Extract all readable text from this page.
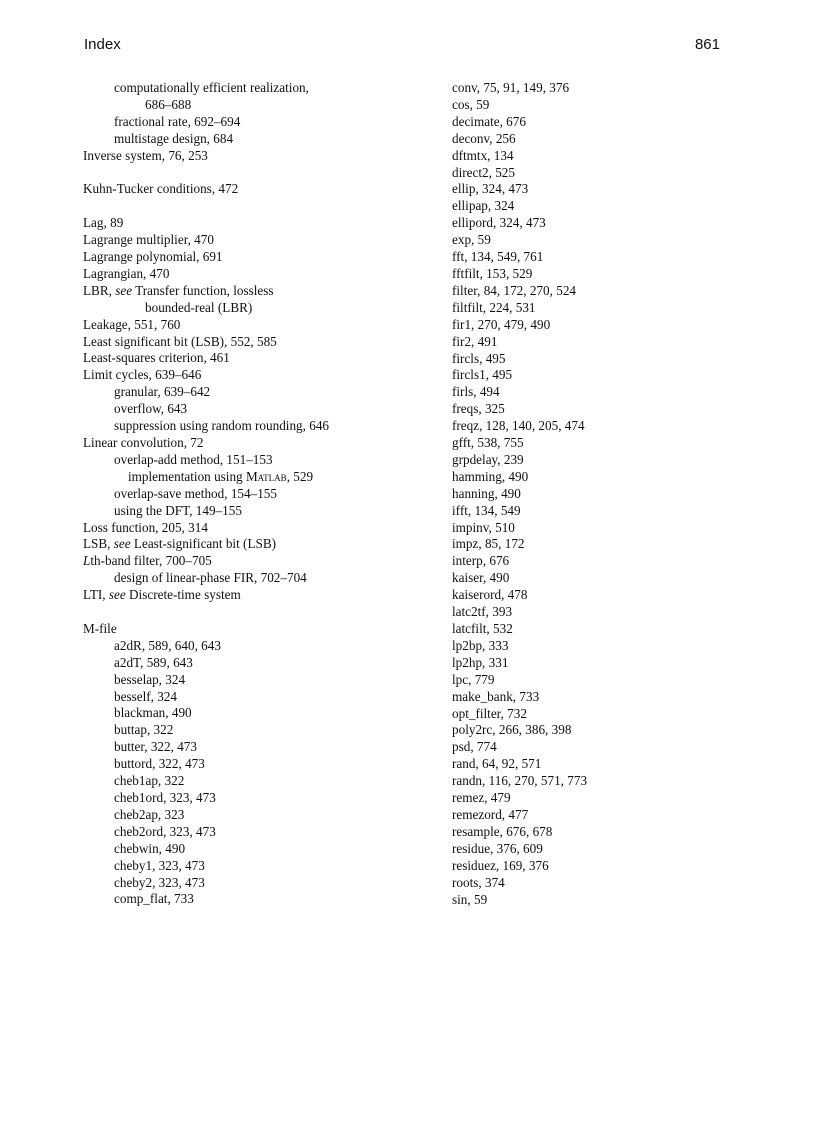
Index	861
computationally efficient realization,
686–688
fractional rate, 692–694
multistage design, 684
Inverse system, 76, 253
Kuhn-Tucker conditions, 472
Lag, 89
Lagrange multiplier, 470
Lagrange polynomial, 691
Lagrangian, 470
LBR, see Transfer function, lossless
bounded-real (LBR)
Leakage, 551, 760
Least significant bit (LSB), 552, 585
Least-squares criterion, 461
Limit cycles, 639–646
granular, 639–642
overflow, 643
suppression using random rounding, 646
Linear convolution, 72
overlap-add method, 151–153
implementation using Matlab, 529
overlap-save method, 154–155
using the DFT, 149–155
Loss function, 205, 314
LSB, see Least-significant bit (LSB)
Lth-band filter, 700–705
design of linear-phase FIR, 702–704
LTI, see Discrete-time system
M-file
a2dR, 589, 640, 643
a2dT, 589, 643
besselap, 324
besself, 324
blackman, 490
buttap, 322
butter, 322, 473
buttord, 322, 473
cheb1ap, 322
cheb1ord, 323, 473
cheb2ap, 323
cheb2ord, 323, 473
chebwin, 490
cheby1, 323, 473
cheby2, 323, 473
comp_flat, 733
conv, 75, 91, 149, 376
cos, 59
decimate, 676
deconv, 256
dftmtx, 134
direct2, 525
ellip, 324, 473
ellipap, 324
ellipord, 324, 473
exp, 59
fft, 134, 549, 761
fftfilt, 153, 529
filter, 84, 172, 270, 524
filtfilt, 224, 531
fir1, 270, 479, 490
fir2, 491
fircls, 495
fircls1, 495
firls, 494
freqs, 325
freqz, 128, 140, 205, 474
gfft, 538, 755
grpdelay, 239
hamming, 490
hanning, 490
ifft, 134, 549
impinv, 510
impz, 85, 172
interp, 676
kaiser, 490
kaiserord, 478
latc2tf, 393
latcfilt, 532
lp2bp, 333
lp2hp, 331
lpc, 779
make_bank, 733
opt_filter, 732
poly2rc, 266, 386, 398
psd, 774
rand, 64, 92, 571
randn, 116, 270, 571, 773
remez, 479
remezord, 477
resample, 676, 678
residue, 376, 609
residuez, 169, 376
roots, 374
sin, 59
